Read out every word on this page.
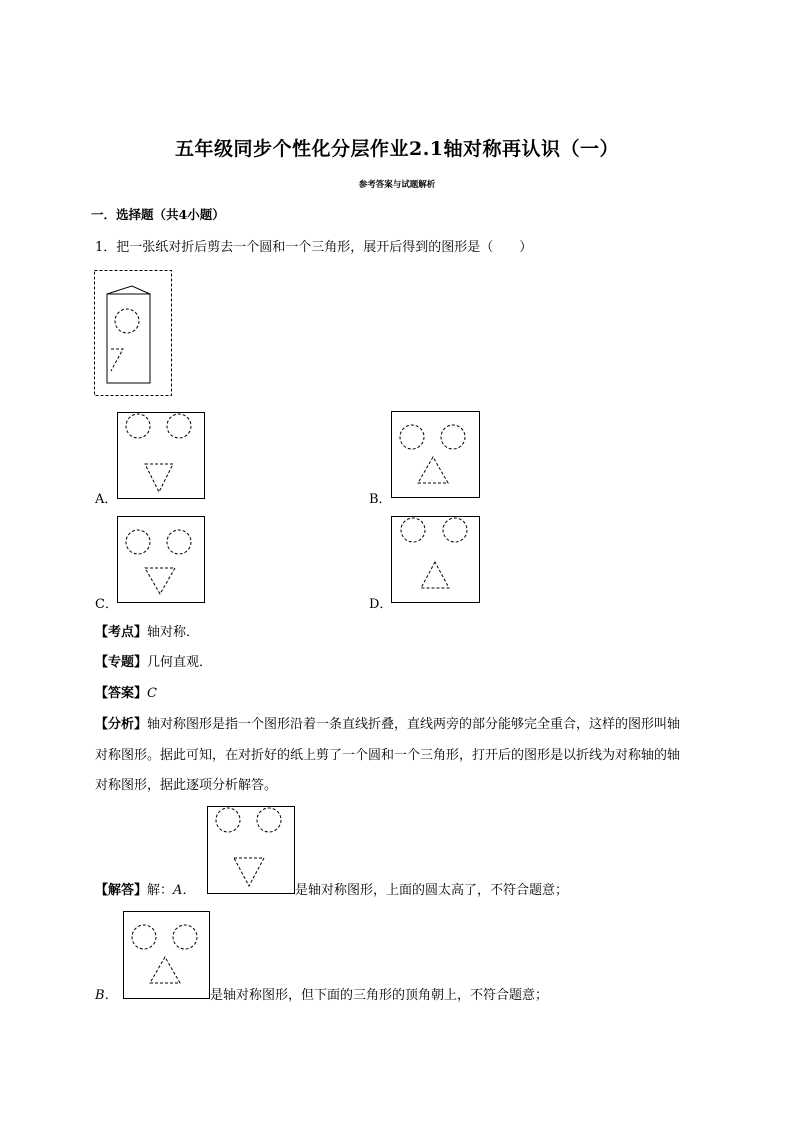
五年级同步个性化分层作业2.1轴对称再认识（一）
参考答案与试题解析
一．选择题（共4小题）
1．把一张纸对折后剪去一个圆和一个三角形，展开后得到的图形是（　　）
A．	B．
C．	D．
【考点】轴对称．
【专题】几何直观．
【答案】C
【分析】轴对称图形是指一个图形沿着一条直线折叠，直线两旁的部分能够完全重合，这样的图形叫轴
对称图形。据此可知，在对折好的纸上剪了一个圆和一个三角形，打开后的图形是以折线为对称轴的轴
对称图形，据此逐项分析解答。
【解答】解：A．	是轴对称图形，上面的圆太高了，不符合题意；
B．	是轴对称图形，但下面的三角形的顶角朝上，不符合题意；
